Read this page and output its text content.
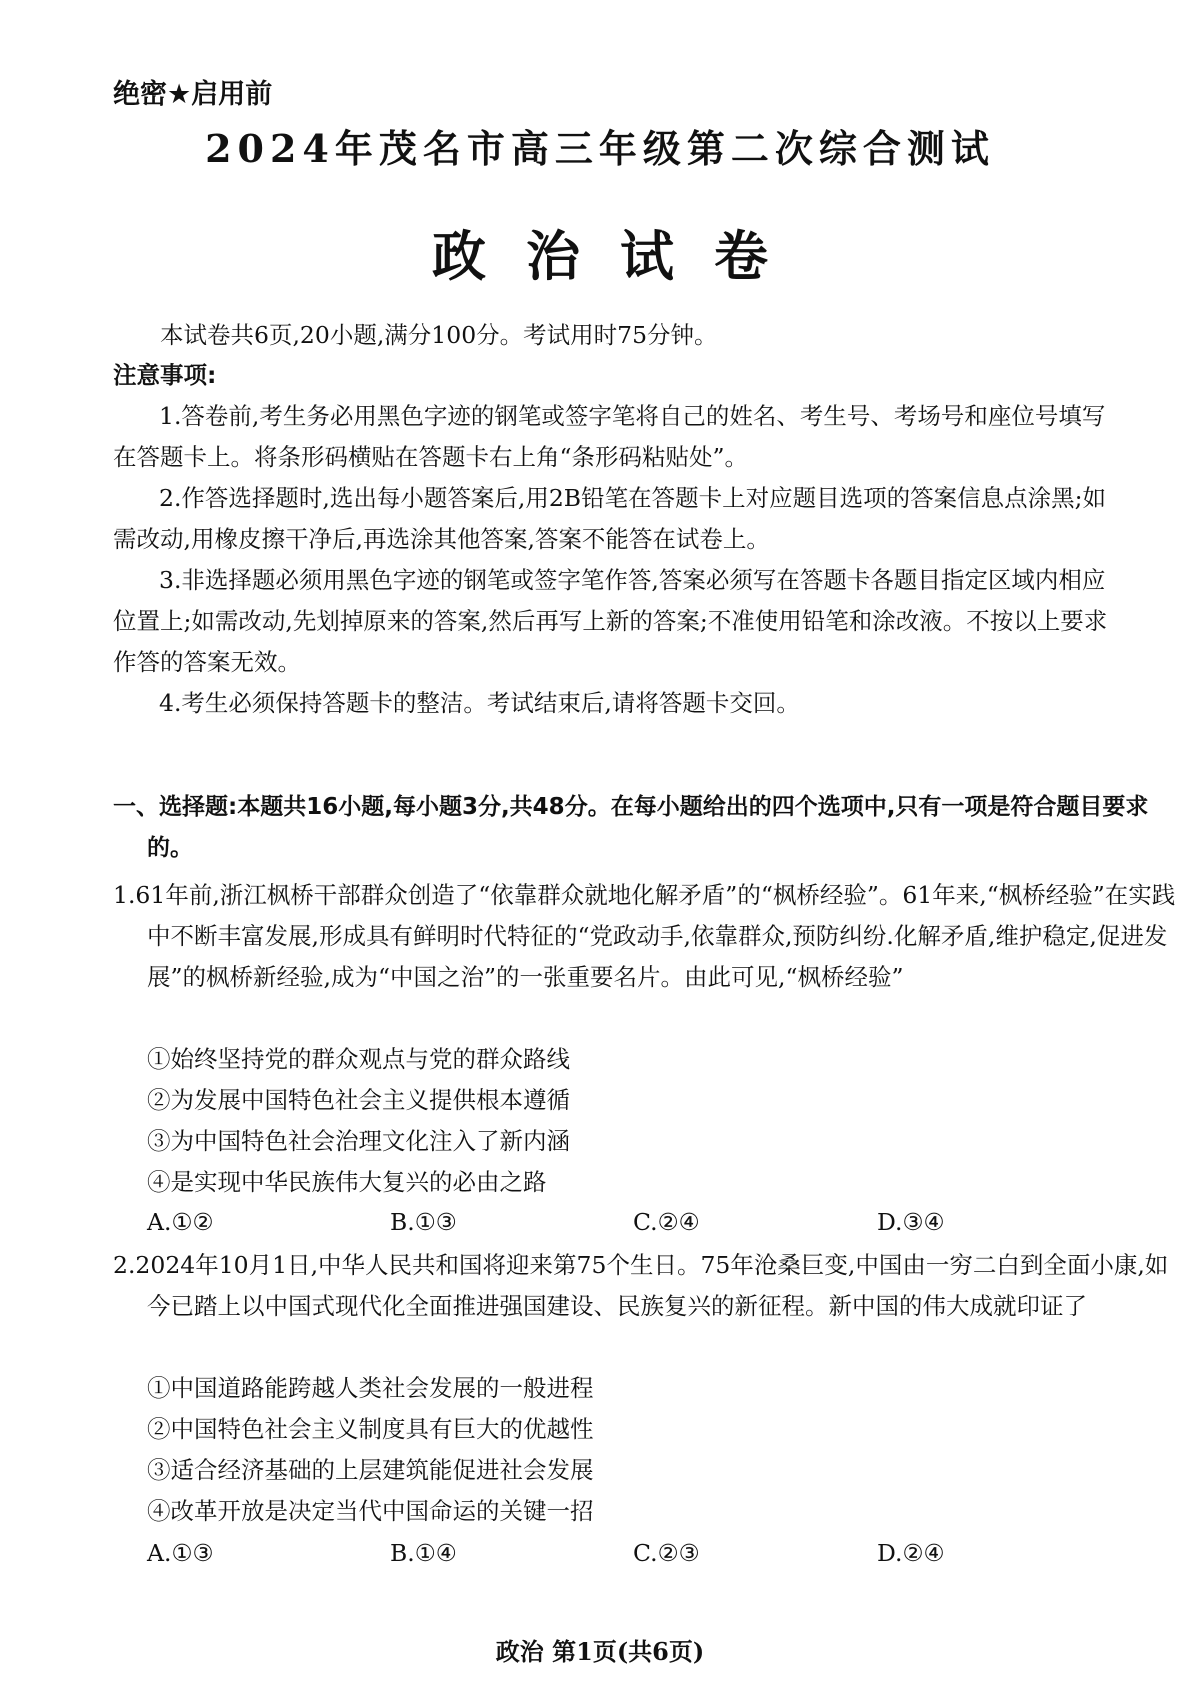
绝密★启用前
2024年茂名市高三年级第二次综合测试
政治试卷

本试卷共6页,20小题,满分100分。考试用时75分钟。

注意事项:

1.答卷前,考生务必用黑色字迹的钢笔或签字笔将自己的姓名、考生号、考场号和座位号填写在答题卡上。将条形码横贴在答题卡右上角“条形码粘贴处”。

2.作答选择题时,选出每小题答案后,用2B铅笔在答题卡上对应题目选项的答案信息点涂黑;如需改动,用橡皮擦干净后,再选涂其他答案,答案不能答在试卷上。

3.非选择题必须用黑色字迹的钢笔或签字笔作答,答案必须写在答题卡各题目指定区域内相应位置上;如需改动,先划掉原来的答案,然后再写上新的答案;不准使用铅笔和涂改液。不按以上要求作答的答案无效。

4.考生必须保持答题卡的整洁。考试结束后,请将答题卡交回。

一、选择题:本题共16小题,每小题3分,共48分。在每小题给出的四个选项中,只有一项是符合题目要求的。

1.61年前,浙江枫桥干部群众创造了“依靠群众就地化解矛盾”的“枫桥经验”。61年来,“枫桥经验”在实践中不断丰富发展,形成具有鲜明时代特征的“党政动手,依靠群众,预防纠纷.化解矛盾,维护稳定,促进发展”的枫桥新经验,成为“中国之治”的一张重要名片。由此可见,“枫桥经验”

①始终坚持党的群众观点与党的群众路线
②为发展中国特色社会主义提供根本遵循
③为中国特色社会治理文化注入了新内涵
④是实现中华民族伟大复兴的必由之路
A.①②	B.①③	C.②④	D.③④

2.2024年10月1日,中华人民共和国将迎来第75个生日。75年沧桑巨变,中国由一穷二白到全面小康,如今已踏上以中国式现代化全面推进强国建设、民族复兴的新征程。新中国的伟大成就印证了

①中国道路能跨越人类社会发展的一般进程
②中国特色社会主义制度具有巨大的优越性
③适合经济基础的上层建筑能促进社会发展
④改革开放是决定当代中国命运的关键一招
A.①③	B.①④	C.②③	D.②④
政治 第1页(共6页)
